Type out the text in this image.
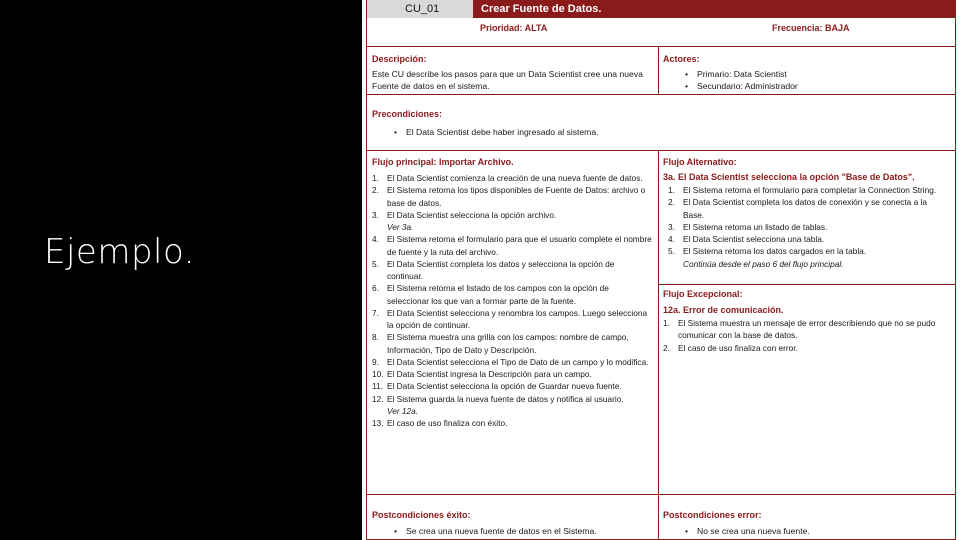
Ejemplo.
CU_01	Crear Fuente de Datos.
Prioridad: ALTA	Frecuencia: BAJA
Descripción:
Este CU describe los pasos para que un Data Scientist cree una nueva Fuente de datos en el sistema.
Actores:
• Primario: Data Scientist
• Secundario: Administrador
Precondiciones:
• El Data Scientist debe haber ingresado al sistema.
Flujo principal: Importar Archivo.
1. El Data Scientist comienza la creación de una nueva fuente de datos.
2. El Sistema retorna los tipos disponibles de Fuente de Datos: archivo o base de datos.
3. El Data Scientist selecciona la opción archivo.
Ver 3a.
4. El Sistema retorna el formulario para que el usuario complete el nombre de fuente y la ruta del archivo.
5. El Data Scientist completa los datos y selecciona la opción de continuar.
6. El Sistema retorna el listado de los campos con la opción de seleccionar los que van a formar parte de la fuente.
7. El Data Scientist selecciona y renombra los campos. Luego selecciona la opción de continuar.
8. El Sistema muestra una grilla con los campos: nombre de campo, Información, Tipo de Dato y Descripción.
9. El Data Scientist selecciona el Tipo de Dato de un campo y lo modifica.
10. El Data Scientist ingresa la Descripción para un campo.
11. El Data Scientist selecciona la opción de Guardar nueva fuente.
12. El Sistema guarda la nueva fuente de datos y notifica al usuario.
Ver 12a.
13. El caso de uso finaliza con éxito.
Flujo Alternativo:
3a. El Data Scientist selecciona la opción "Base de Datos".
1. El Sistema retorna el formulario para completar la Connection String.
2. El Data Scientist completa los datos de conexión y se conecta a la Base.
3. El Sistema retorna un listado de tablas.
4. El Data Scientist selecciona una tabla.
5. El Sistema retorna los datos cargados en la tabla.
Continúa desde el paso 6 del flujo principal.
Flujo Excepcional:
12a. Error de comunicación.
1. El Sistema muestra un mensaje de error describiendo que no se pudo comunicar con la base de datos.
2. El caso de uso finaliza con error.
Postcondiciones éxito:
• Se crea una nueva fuente de datos en el Sistema.
Postcondiciones error:
• No se crea una nueva fuente.
